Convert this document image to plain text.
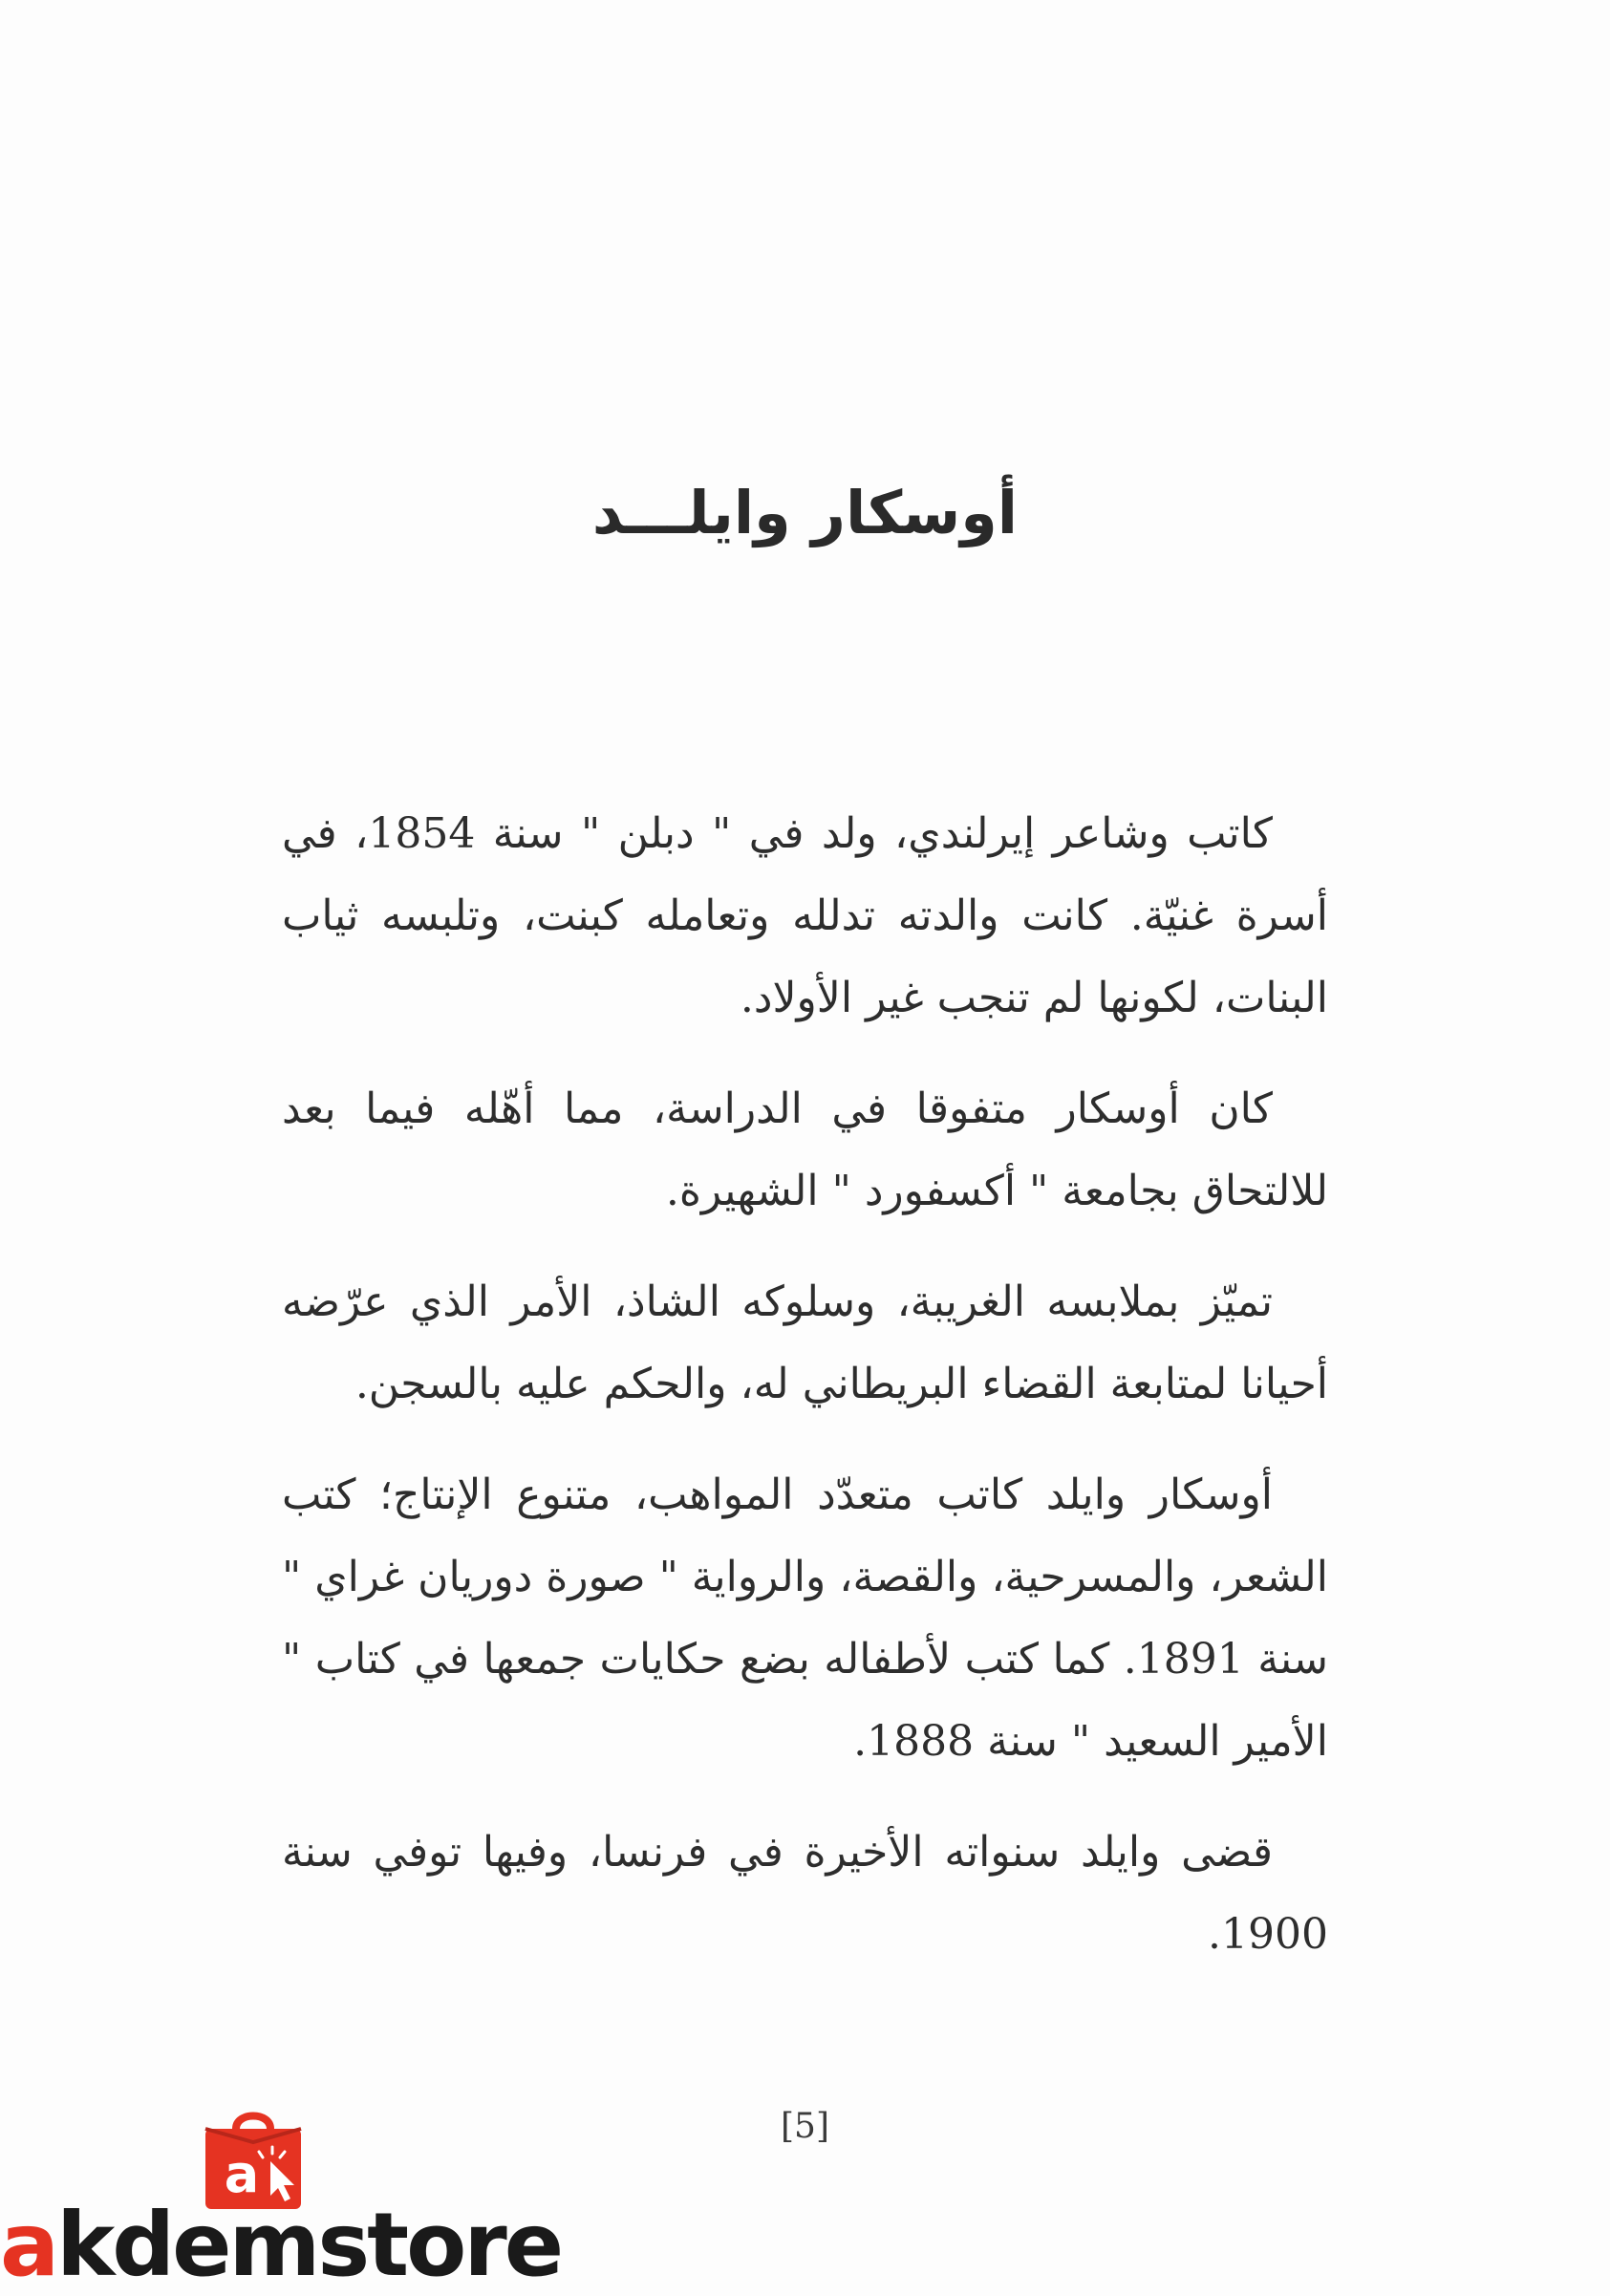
أوسكار وايلـــد

كاتب وشاعر إيرلندي، ولد في " دبلن " سنة 1854، في أسرة غنيّة. كانت والدته تدلله وتعامله كبنت، وتلبسه ثياب البنات، لكونها لم تنجب غير الأولاد.

كان أوسكار متفوقا في الدراسة، مما أهّله فيما بعد للالتحاق بجامعة " أكسفورد " الشهيرة.

تميّز بملابسه الغريبة، وسلوكه الشاذ، الأمر الذي عرّضه أحيانا لمتابعة القضاء البريطاني له، والحكم عليه بالسجن.

أوسكار وايلد كاتب متعدّد المواهب، متنوع الإنتاج؛ كتب الشعر، والمسرحية، والقصة، والرواية " صورة دوريان غراي " سنة 1891. كما كتب لأطفاله بضع حكايات جمعها في كتاب " الأمير السعيد " سنة 1888.

قضى وايلد سنواته الأخيرة في فرنسا، وفيها توفي سنة 1900.

[5]
a
akdemstore
